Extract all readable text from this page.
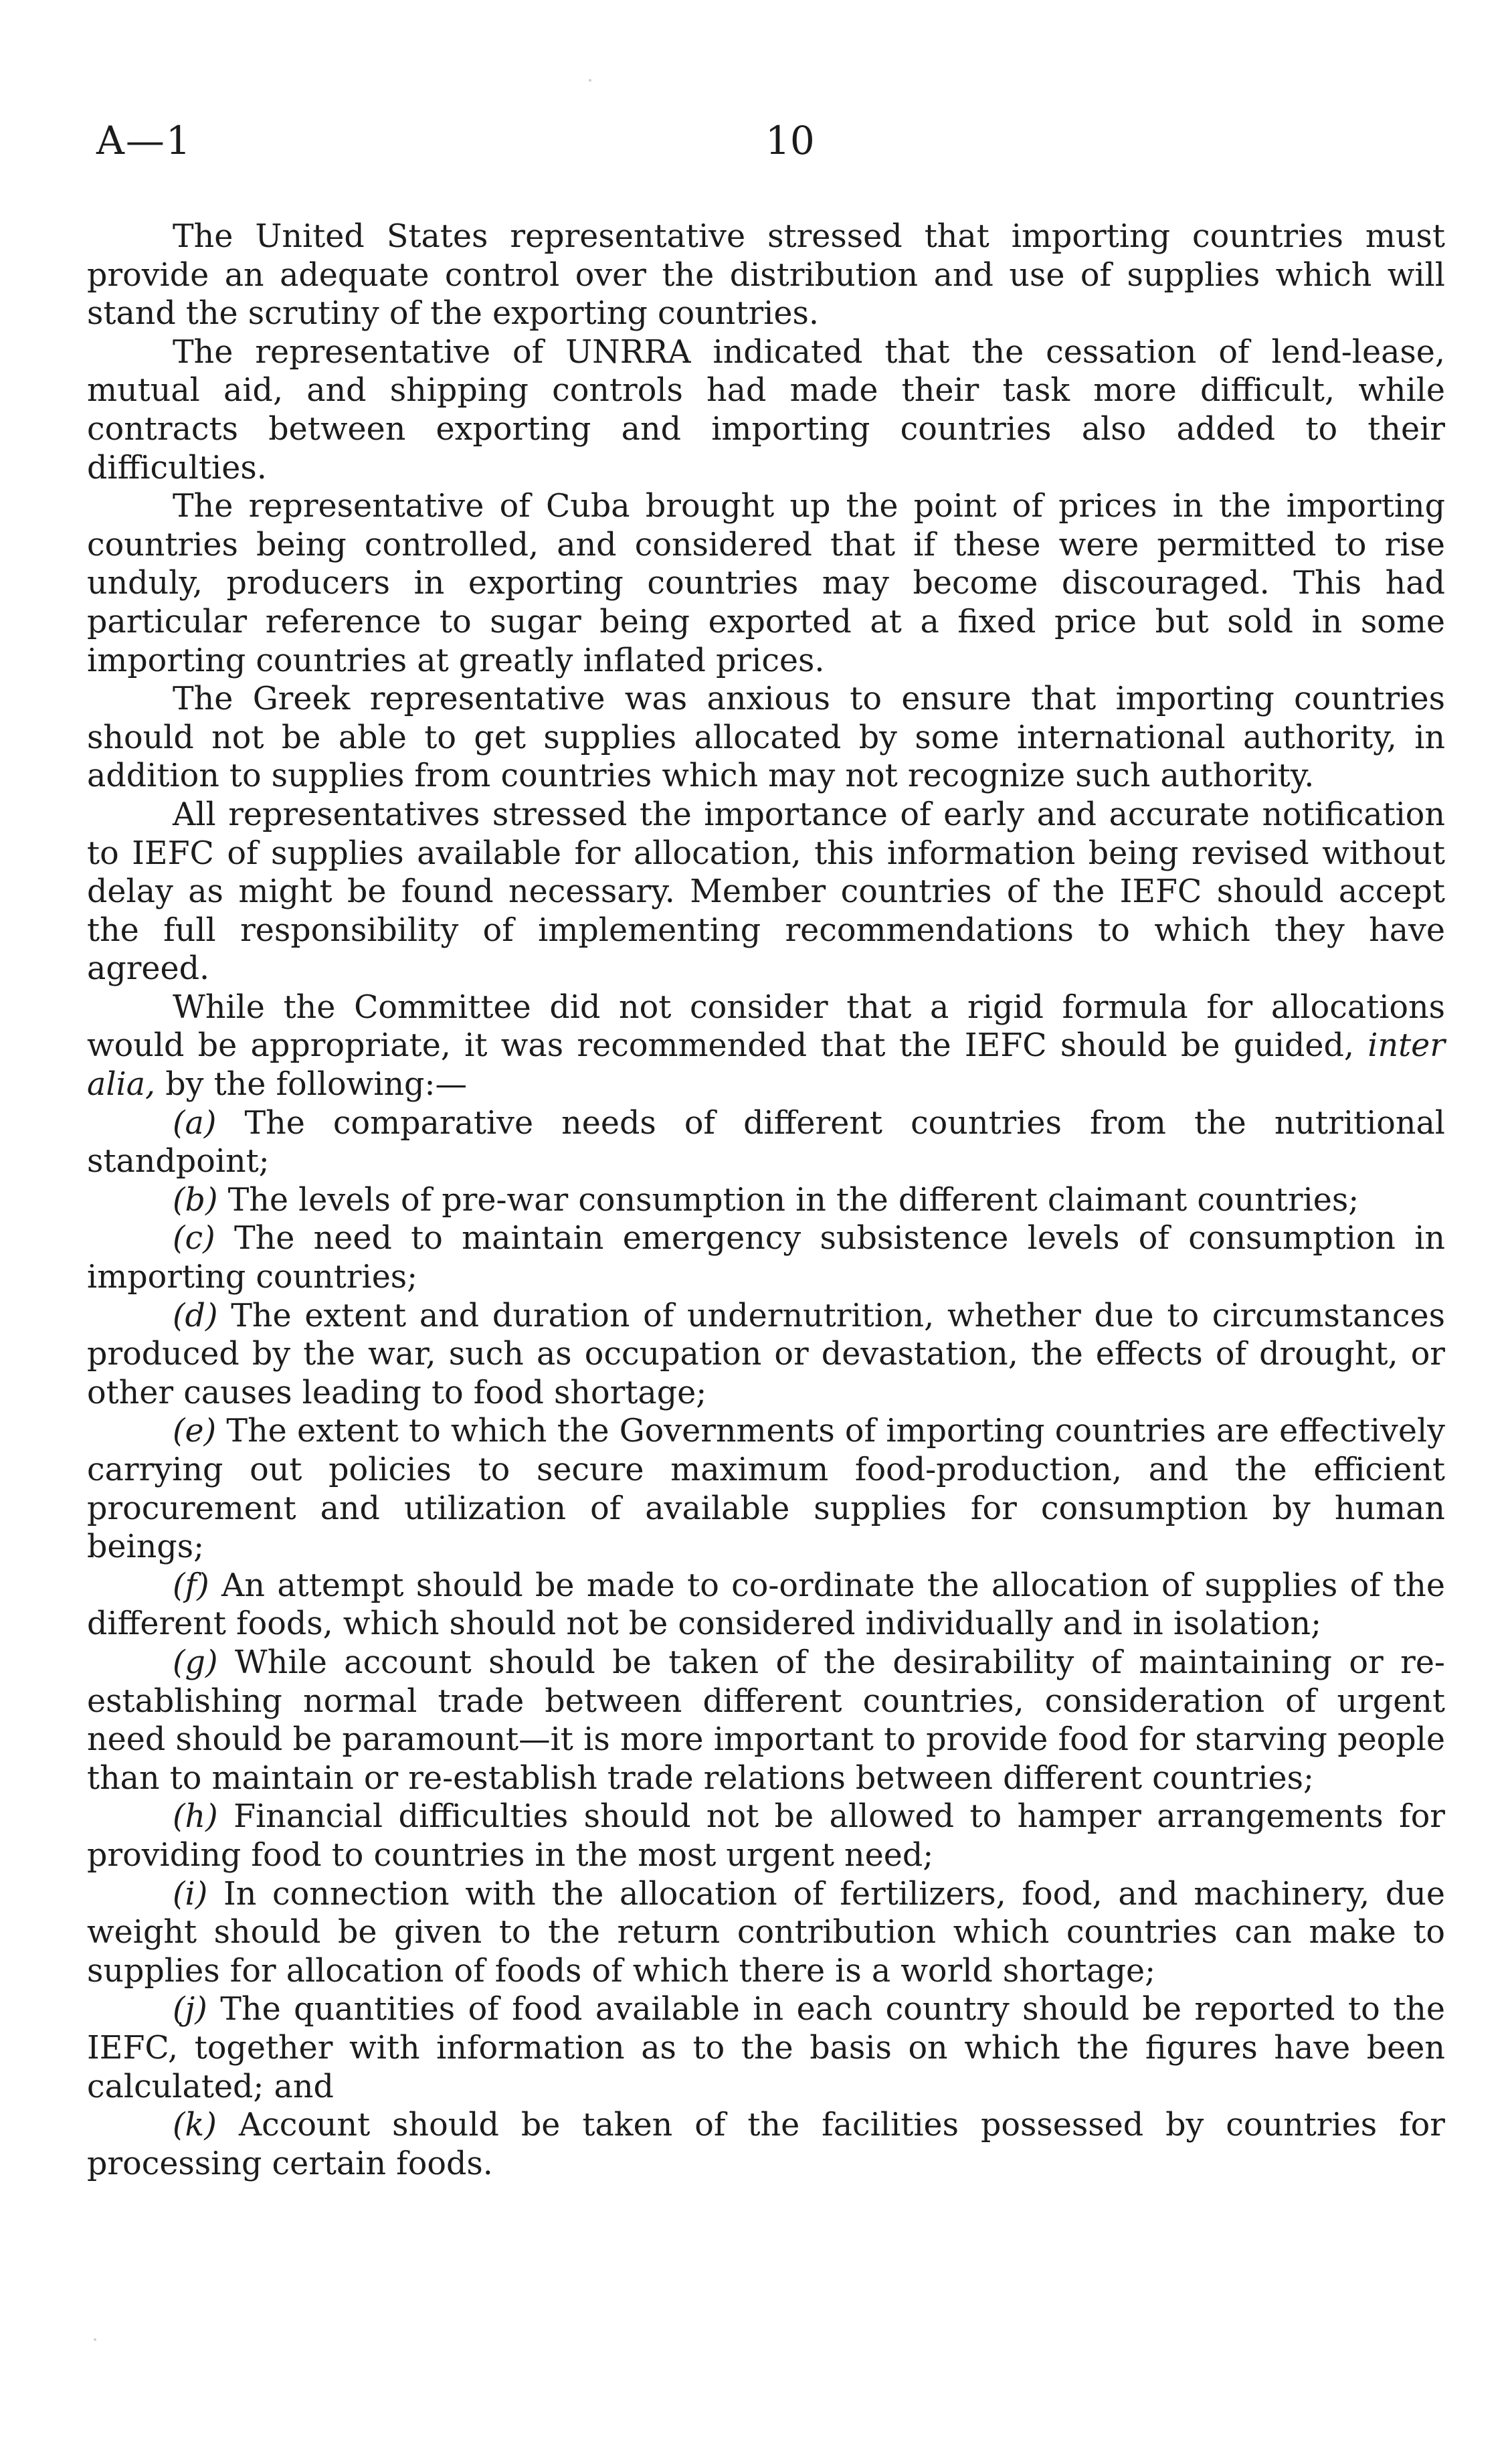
A—1	10

The United States representative stressed that importing countries must provide an adequate control over the distribution and use of supplies which will stand the scrutiny of the exporting countries.

The representative of UNRRA indicated that the cessation of lend-lease, mutual aid, and shipping controls had made their task more difficult, while contracts between exporting and importing countries also added to their difficulties.

The representative of Cuba brought up the point of prices in the importing countries being controlled, and considered that if these were permitted to rise unduly, producers in exporting countries may become discouraged. This had particular reference to sugar being exported at a fixed price but sold in some importing countries at greatly inflated prices.

The Greek representative was anxious to ensure that importing countries should not be able to get supplies allocated by some international authority, in addition to supplies from countries which may not recognize such authority.

All representatives stressed the importance of early and accurate notification to IEFC of supplies available for allocation, this information being revised without delay as might be found necessary. Member countries of the IEFC should accept the full responsibility of implementing recommendations to which they have agreed.

While the Committee did not consider that a rigid formula for allocations would be appropriate, it was recommended that the IEFC should be guided, inter alia, by the following:—

(a) The comparative needs of different countries from the nutritional standpoint;

(b) The levels of pre-war consumption in the different claimant countries;

(c) The need to maintain emergency subsistence levels of consumption in importing countries;

(d) The extent and duration of undernutrition, whether due to circumstances produced by the war, such as occupation or devastation, the effects of drought, or other causes leading to food shortage;

(e) The extent to which the Governments of importing countries are effectively carrying out policies to secure maximum food-production, and the efficient procurement and utilization of available supplies for consumption by human beings;

(f) An attempt should be made to co-ordinate the allocation of supplies of the different foods, which should not be considered individually and in isolation;

(g) While account should be taken of the desirability of maintaining or re-establishing normal trade between different countries, consideration of urgent need should be paramount—it is more important to provide food for starving people than to maintain or re-establish trade relations between different countries;

(h) Financial difficulties should not be allowed to hamper arrangements for providing food to countries in the most urgent need;

(i) In connection with the allocation of fertilizers, food, and machinery, due weight should be given to the return contribution which countries can make to supplies for allocation of foods of which there is a world shortage;

(j) The quantities of food available in each country should be reported to the IEFC, together with information as to the basis on which the figures have been calculated; and

(k) Account should be taken of the facilities possessed by countries for processing certain foods.
